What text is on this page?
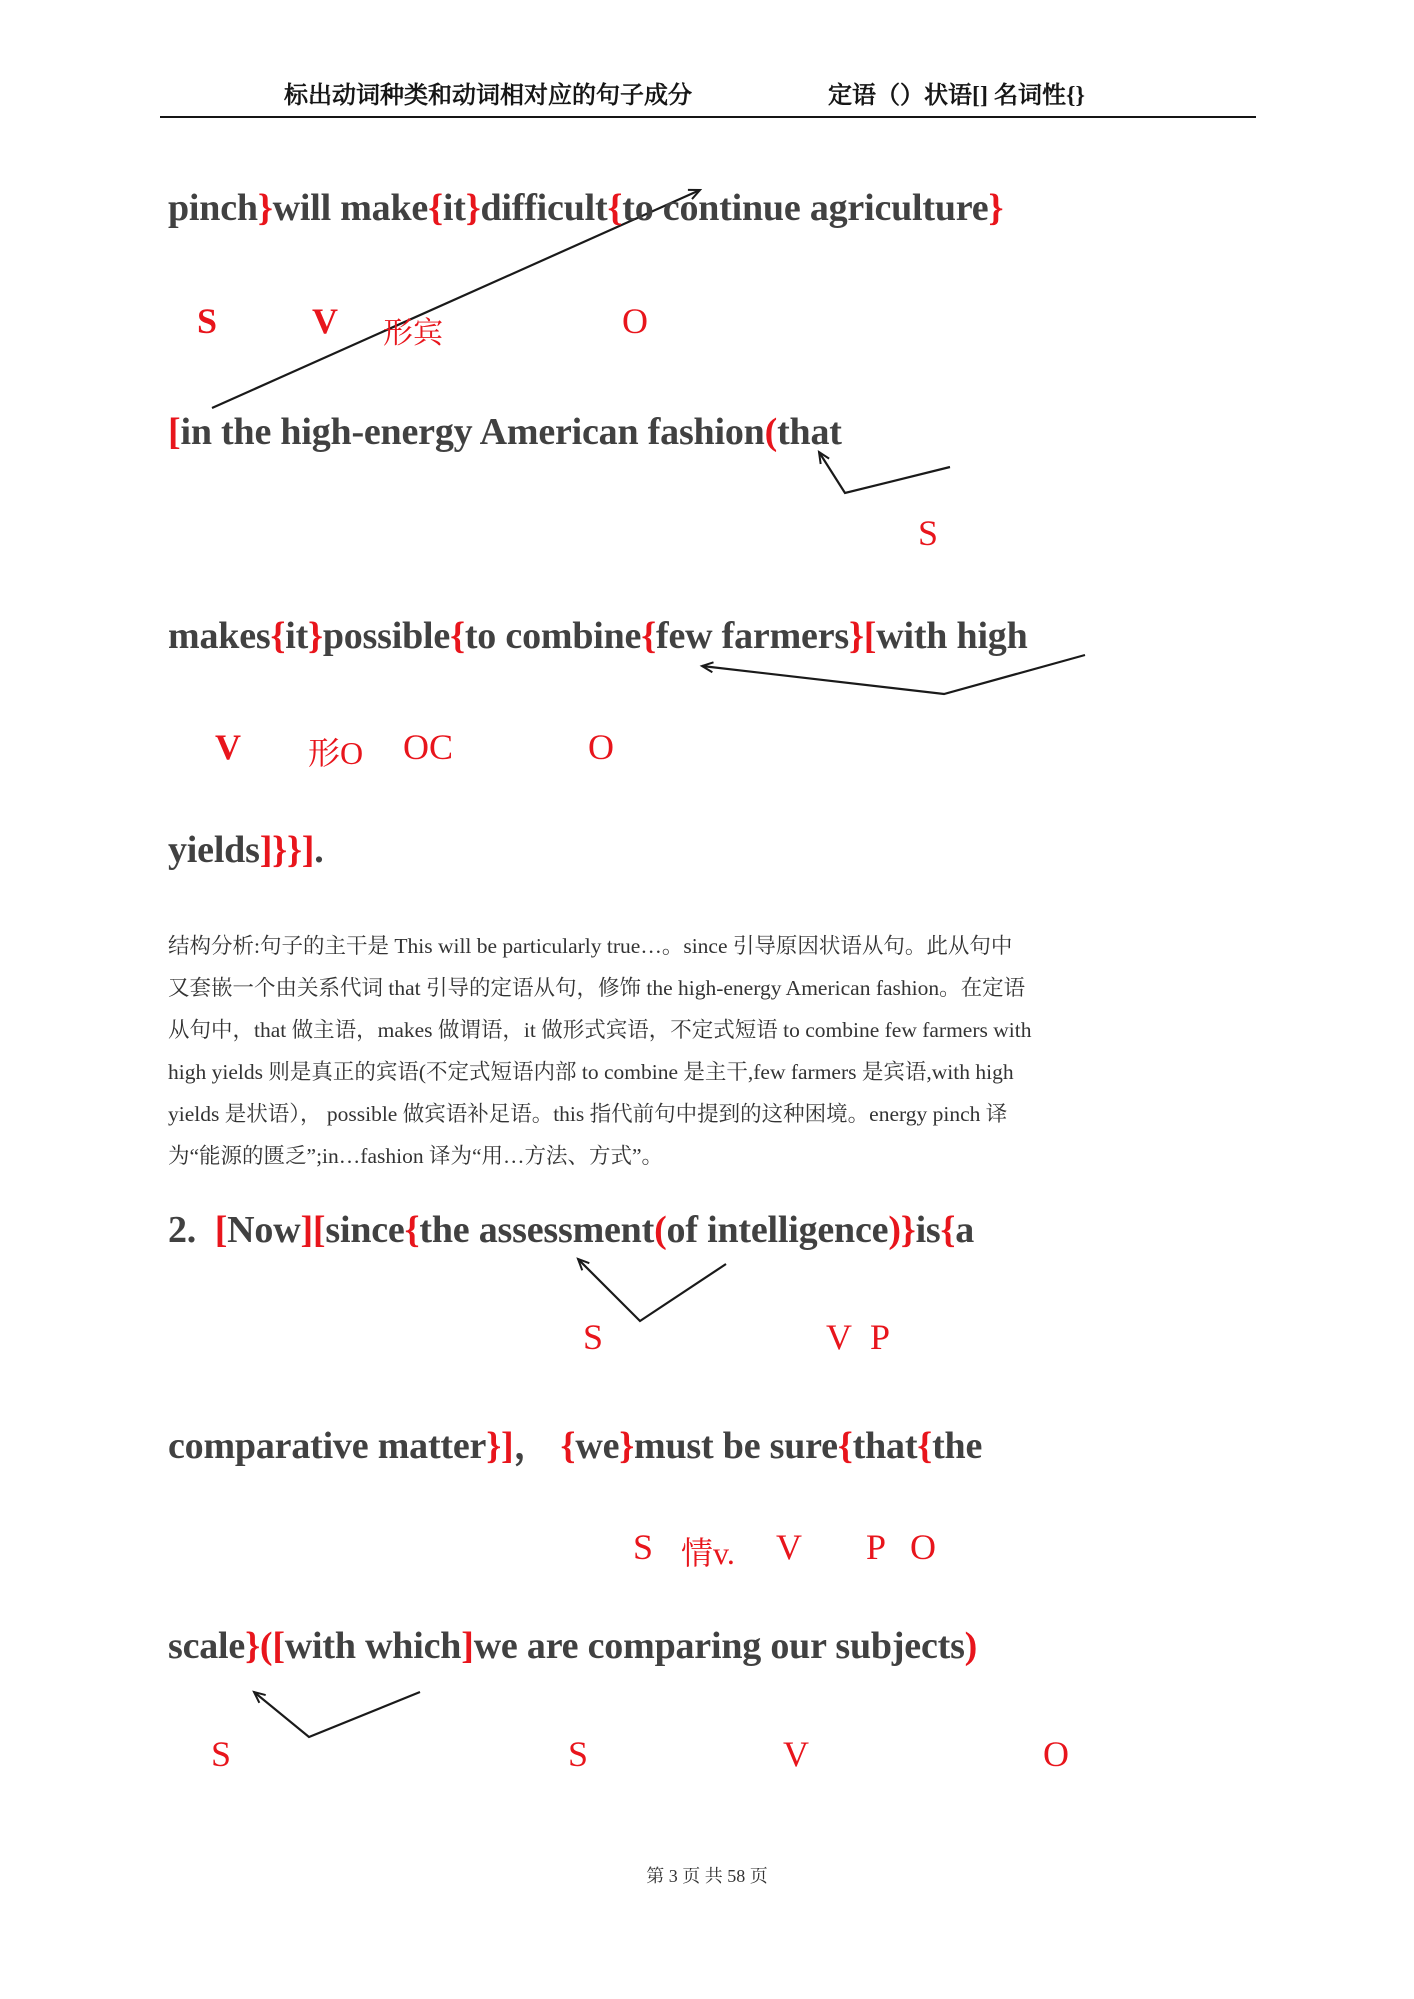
标出动词种类和动词相对应的句子成分	定语（）状语[] 名词性{}
pinch}will make{it}difficult{to continue agriculture}
[in the high-energy American fashion(that
makes{it}possible{to combine{few farmers}[with high
yields]}}].
2.  [Now][since{the assessment(of intelligence)}is{a
comparative matter}]， {we}must be sure{that{the
scale}([with which]we are comparing our subjects)
S	V 形宾	O
S
V 形O OC	O
结构分析:句子的主干是 This will be particularly true…。since 引导原因状语从句。此从句中
又套嵌一个由关系代词 that 引导的定语从句，修饰 the high-energy American fashion。在定语
从句中，that 做主语，makes 做谓语，it 做形式宾语，不定式短语 to combine few farmers with
high yields 则是真正的宾语(不定式短语内部 to combine 是主干,few farmers 是宾语,with high
yields 是状语）， possible 做宾语补足语。this 指代前句中提到的这种困境。energy pinch 译
为“能源的匮乏”;in…fashion 译为“用…方法、方式”。
S	V P
S 情v. V P O
S	S	V	O
第 3 页 共 58 页
